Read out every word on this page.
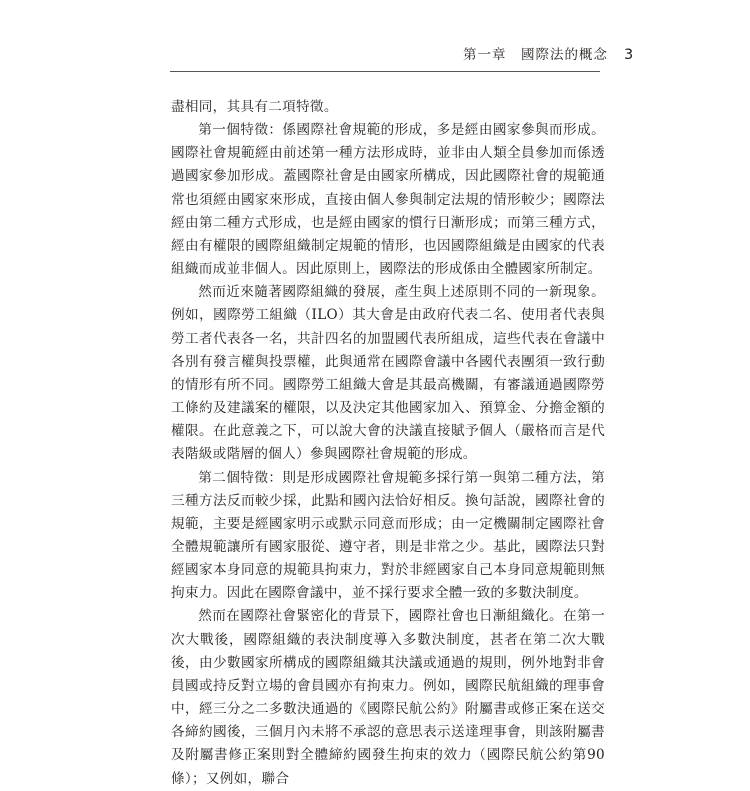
第一章　國際法的概念 3

盡相同，其具有二項特徵。

第一個特徵：係國際社會規範的形成，多是經由國家參與而形成。國際社會規範經由前述第一種方法形成時，並非由人類全員參加而係透過國家參加形成。蓋國際社會是由國家所構成，因此國際社會的規範通常也須經由國家來形成，直接由個人參與制定法規的情形較少；國際法經由第二種方式形成，也是經由國家的慣行日漸形成；而第三種方式，經由有權限的國際組織制定規範的情形，也因國際組織是由國家的代表組織而成並非個人。因此原則上，國際法的形成係由全體國家所制定。

然而近來隨著國際組織的發展，產生與上述原則不同的一新現象。例如，國際勞工組織（ILO）其大會是由政府代表二名、使用者代表與勞工者代表各一名，共計四名的加盟國代表所組成，這些代表在會議中各別有發言權與投票權，此與通常在國際會議中各國代表團須一致行動的情形有所不同。國際勞工組織大會是其最高機關，有審議通過國際勞工條約及建議案的權限，以及決定其他國家加入、預算金、分擔金額的權限。在此意義之下，可以說大會的決議直接賦予個人（嚴格而言是代表階級或階層的個人）參與國際社會規範的形成。

第二個特徵：則是形成國際社會規範多採行第一與第二種方法，第三種方法反而較少採，此點和國內法恰好相反。換句話說，國際社會的規範，主要是經國家明示或默示同意而形成；由一定機關制定國際社會全體規範讓所有國家服從、遵守者，則是非常之少。基此，國際法只對經國家本身同意的規範具拘束力，對於非經國家自己本身同意規範則無拘束力。因此在國際會議中，並不採行要求全體一致的多數決制度。

然而在國際社會緊密化的背景下，國際社會也日漸組織化。在第一次大戰後，國際組織的表決制度導入多數決制度，甚者在第二次大戰後，由少數國家所構成的國際組織其決議或通過的規則，例外地對非會員國或持反對立場的會員國亦有拘束力。例如，國際民航組織的理事會中，經三分之二多數決通過的《國際民航公約》附屬書或修正案在送交各締約國後，三個月內未將不承認的意思表示送達理事會，則該附屬書及附屬書修正案則對全體締約國發生拘束的效力（國際民航公約第90條）；又例如，聯合
